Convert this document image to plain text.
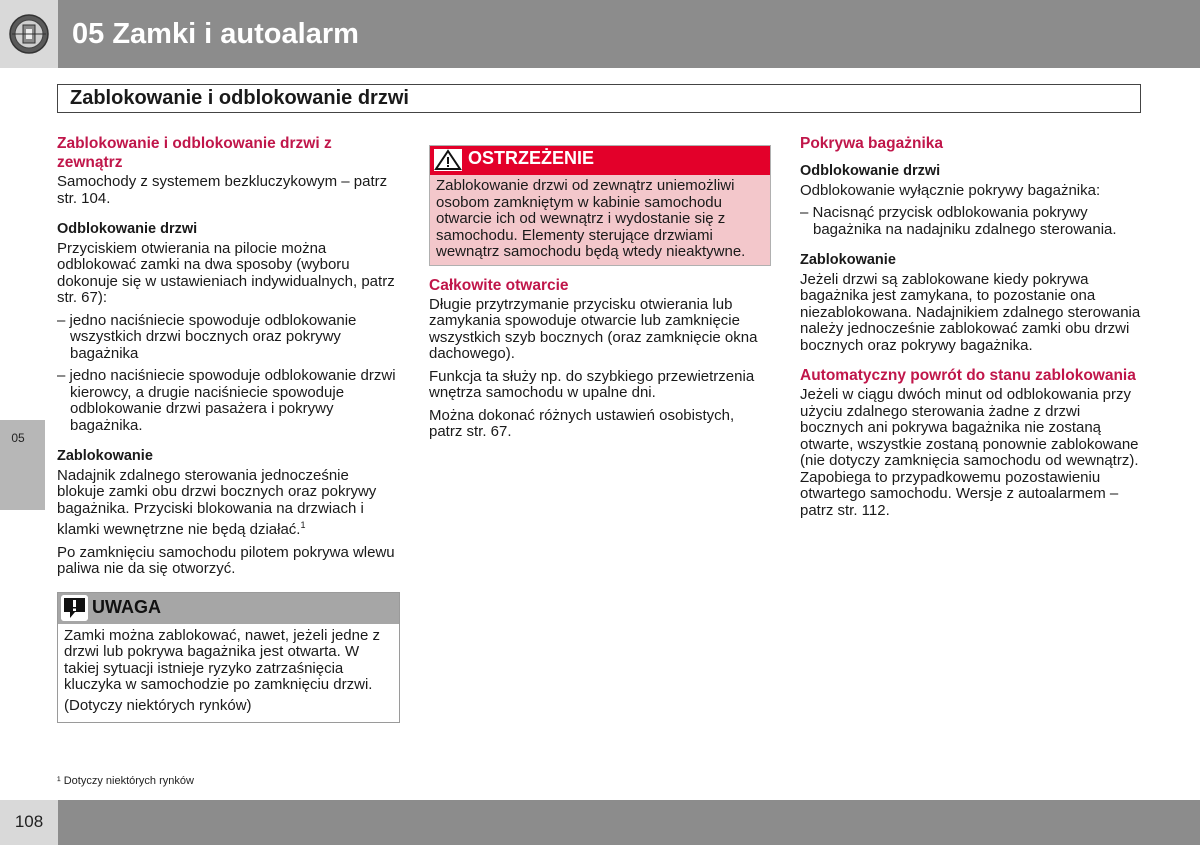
05 Zamki i autoalarm
Zablokowanie i odblokowanie drzwi
05
Zablokowanie i odblokowanie drzwi z zewnątrz

Samochody z systemem bezkluczykowym – patrz str. 104.

Odblokowanie drzwi

Przyciskiem otwierania na pilocie można odblokować zamki na dwa sposoby (wyboru dokonuje się w ustawieniach indywidualnych, patrz str. 67):

– jedno naciśniecie spowoduje odblokowanie wszystkich drzwi bocznych oraz pokrywy bagażnika

– jedno naciśniecie spowoduje odblokowanie drzwi kierowcy, a drugie naciśniecie spowoduje odblokowanie drzwi pasażera i pokrywy bagażnika.

Zablokowanie

Nadajnik zdalnego sterowania jednocześnie blokuje zamki obu drzwi bocznych oraz pokrywy bagażnika. Przyciski blokowania na drzwiach i klamki wewnętrzne nie będą działać.$^1$

Po zamknięciu samochodu pilotem pokrywa wlewu paliwa nie da się otworzyć.

UWAGA

Zamki można zablokować, nawet, jeżeli jedne z drzwi lub pokrywa bagażnika jest otwarta. W takiej sytuacji istnieje ryzyko zatrzaśnięcia kluczyka w samochodzie po zamknięciu drzwi.

(Dotyczy niektórych rynków)

OSTRZEŻENIE
Zablokowanie drzwi od zewnątrz uniemożliwi osobom zamkniętym w kabinie samochodu otwarcie ich od wewnątrz i wydostanie się z samochodu. Elementy sterujące drzwiami wewnątrz samochodu będą wtedy nieaktywne.
Całkowite otwarcie

Długie przytrzymanie przycisku otwierania lub zamykania spowoduje otwarcie lub zamknięcie wszystkich szyb bocznych (oraz zamknięcie okna dachowego).

Funkcja ta służy np. do szybkiego przewietrzenia wnętrza samochodu w upalne dni.

Można dokonać różnych ustawień osobistych, patrz str. 67.

Pokrywa bagażnika
Odblokowanie drzwi

Odblokowanie wyłącznie pokrywy bagażnika:

– Nacisnąć przycisk odblokowania pokrywy bagażnika na nadajniku zdalnego sterowania.

Zablokowanie

Jeżeli drzwi są zablokowane kiedy pokrywa bagażnika jest zamykana, to pozostanie ona niezablokowana. Nadajnikiem zdalnego sterowania należy jednocześnie zablokować zamki obu drzwi bocznych oraz pokrywy bagażnika.

Automatyczny powrót do stanu zablokowania

Jeżeli w ciągu dwóch minut od odblokowania przy użyciu zdalnego sterowania żadne z drzwi bocznych ani pokrywa bagażnika nie zostaną otwarte, wszystkie zostaną ponownie zablokowane (nie dotyczy zamknięcia samochodu od wewnątrz). Zapobiega to przypadkowemu pozostawieniu otwartego samochodu. Wersje z autoalarmem – patrz str. 112.

¹ Dotyczy niektórych rynków
108
